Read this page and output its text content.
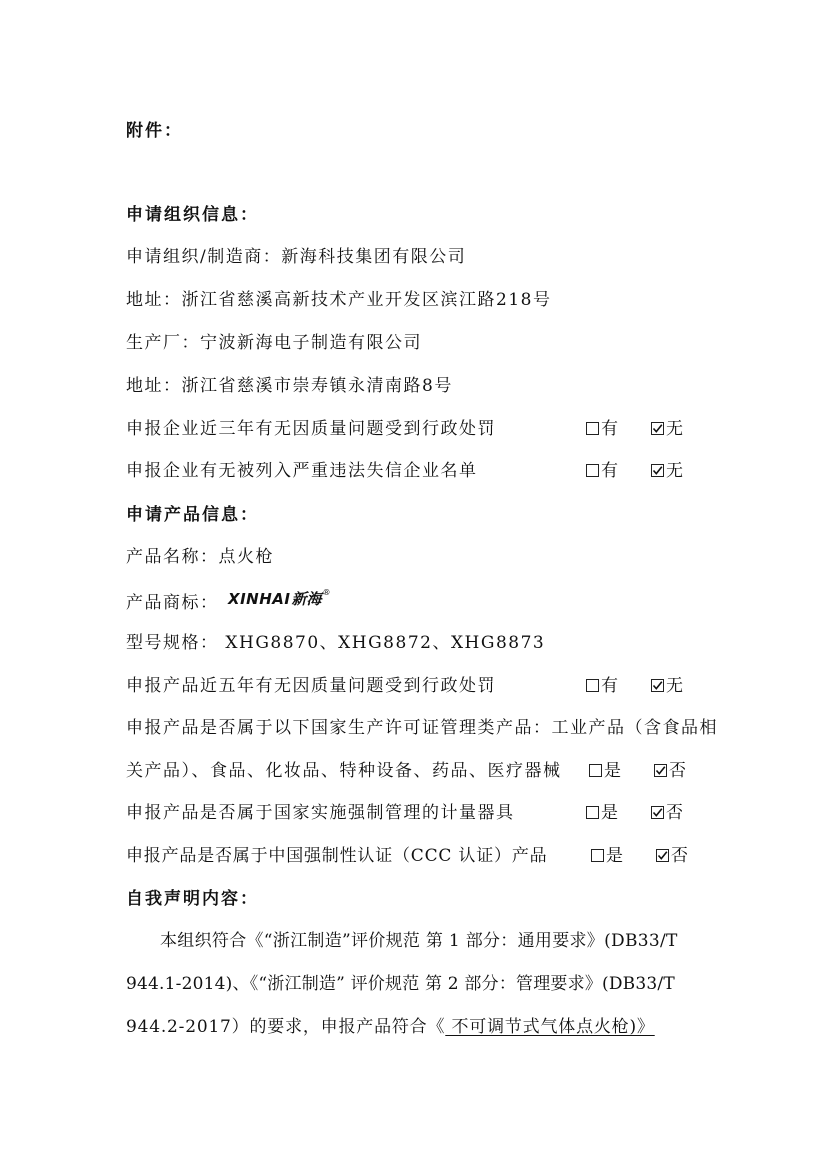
附件：
申请组织信息：
申请组织/制造商：新海科技集团有限公司
地址：浙江省慈溪高新技术产业开发区滨江路218号
生产厂：宁波新海电子制造有限公司
地址：浙江省慈溪市崇寿镇永清南路8号
申报企业近三年有无因质量问题受到行政处罚	有	无
申报企业有无被列入严重违法失信企业名单	有	无
申请产品信息：
产品名称：点火枪
产品商标： XINHAI新海®
型号规格： XHG8870、XHG8872、XHG8873
申报产品近五年有无因质量问题受到行政处罚	有	无
申报产品是否属于以下国家生产许可证管理类产品：工业产品（含食品相
关产品）、食品、化妆品、特种设备、药品、医疗器械	是	否
申报产品是否属于国家实施强制管理的计量器具	是	否
申报产品是否属于中国强制性认证（CCC 认证）产品	是	否
自我声明内容：
本组织符合《“浙江制造”评价规范 第 1 部分：通用要求》(DB33/T
944.1-2014)、《“浙江制造” 评价规范 第 2 部分：管理要求》(DB33/T
944.2-2017）的要求，申报产品符合《 不可调节式气体点火枪)》
